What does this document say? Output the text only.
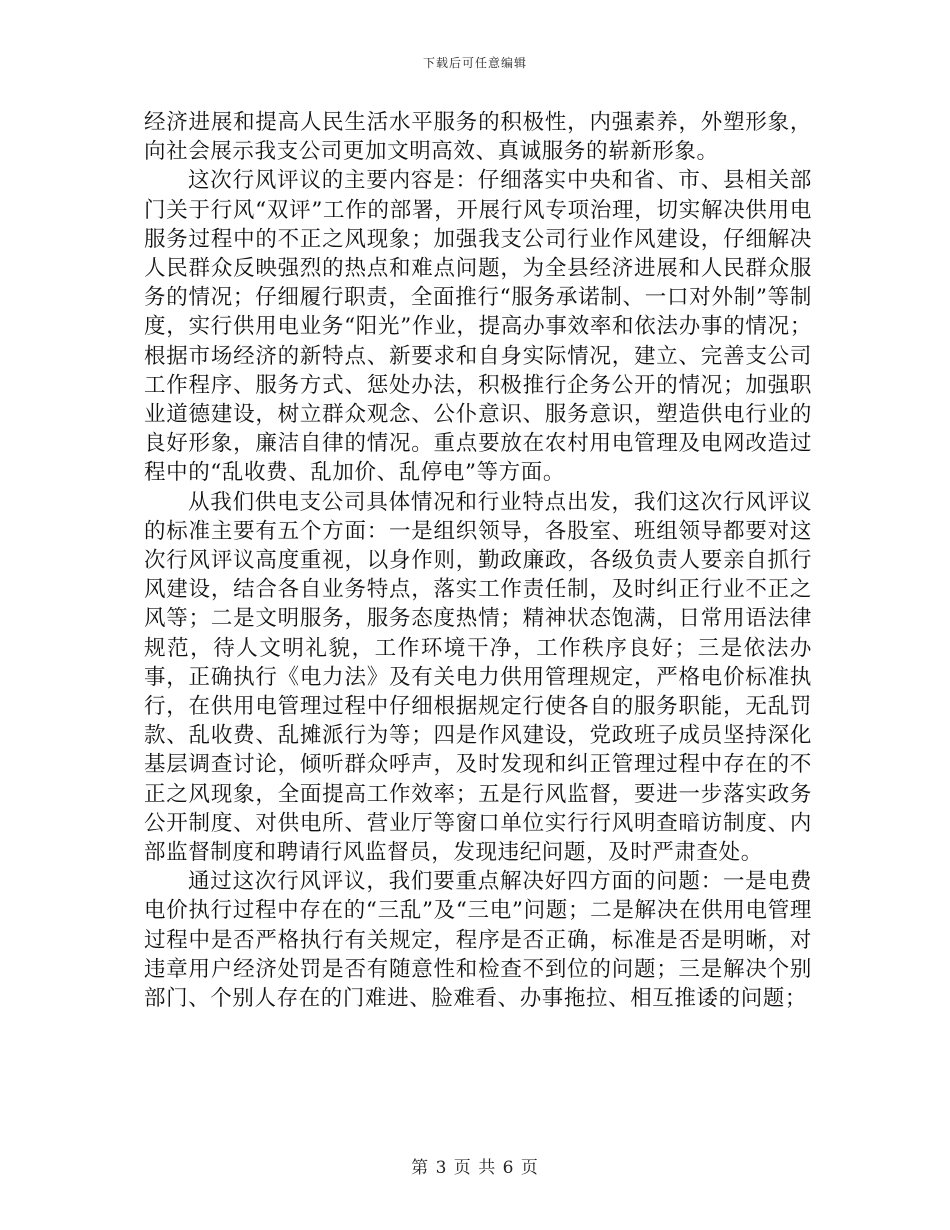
下载后可任意编辑

经济进展和提高人民生活水平服务的积极性，内强素养，外塑形象，向社会展示我支公司更加文明高效、真诚服务的崭新形象。

这次行风评议的主要内容是：仔细落实中央和省、市、县相关部门关于行风“双评”工作的部署，开展行风专项治理，切实解决供用电服务过程中的不正之风现象；加强我支公司行业作风建设，仔细解决人民群众反映强烈的热点和难点问题，为全县经济进展和人民群众服务的情况；仔细履行职责，全面推行“服务承诺制、一口对外制”等制度，实行供用电业务“阳光”作业，提高办事效率和依法办事的情况；根据市场经济的新特点、新要求和自身实际情况，建立、完善支公司工作程序、服务方式、惩处办法，积极推行企务公开的情况；加强职业道德建设，树立群众观念、公仆意识、服务意识，塑造供电行业的良好形象，廉洁自律的情况。重点要放在农村用电管理及电网改造过程中的“乱收费、乱加价、乱停电”等方面。

从我们供电支公司具体情况和行业特点出发，我们这次行风评议的标准主要有五个方面：一是组织领导，各股室、班组领导都要对这次行风评议高度重视，以身作则，勤政廉政，各级负责人要亲自抓行风建设，结合各自业务特点，落实工作责任制，及时纠正行业不正之风等；二是文明服务，服务态度热情；精神状态饱满，日常用语法律规范，待人文明礼貌，工作环境干净，工作秩序良好；三是依法办事，正确执行《电力法》及有关电力供用管理规定，严格电价标准执行，在供用电管理过程中仔细根据规定行使各自的服务职能，无乱罚款、乱收费、乱摊派行为等；四是作风建设，党政班子成员坚持深化基层调查讨论，倾听群众呼声，及时发现和纠正管理过程中存在的不正之风现象，全面提高工作效率；五是行风监督，要进一步落实政务公开制度、对供电所、营业厅等窗口单位实行行风明查暗访制度、内部监督制度和聘请行风监督员，发现违纪问题，及时严肃查处。

通过这次行风评议，我们要重点解决好四方面的问题：一是电费电价执行过程中存在的“三乱”及“三电”问题；二是解决在供用电管理过程中是否严格执行有关规定，程序是否正确，标准是否是明晰，对违章用户经济处罚是否有随意性和检查不到位的问题；三是解决个别部门、个别人存在的门难进、脸难看、办事拖拉、相互推诿的问题；

第 3 页 共 6 页
